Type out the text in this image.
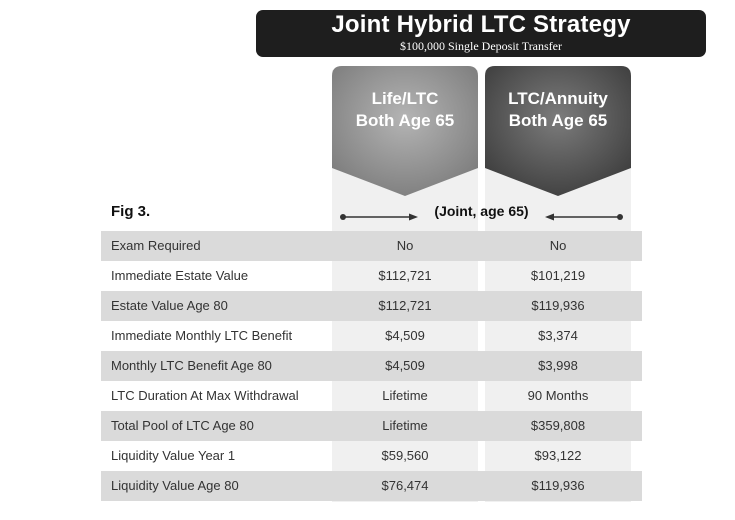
Joint Hybrid LTC Strategy
$100,000 Single Deposit Transfer
Life/LTC
Both Age 65
LTC/Annuity
Both Age 65
Fig 3.	(Joint, age 65)
Exam Required	No	No
Immediate Estate Value	$112,721	$101,219
Estate Value Age 80	$112,721	$119,936
Immediate Monthly LTC Benefit	$4,509	$3,374
Monthly LTC Benefit Age 80	$4,509	$3,998
LTC Duration At Max Withdrawal	Lifetime	90 Months
Total Pool of LTC Age 80	Lifetime	$359,808
Liquidity Value Year 1	$59,560	$93,122
Liquidity Value Age 80	$76,474	$119,936
